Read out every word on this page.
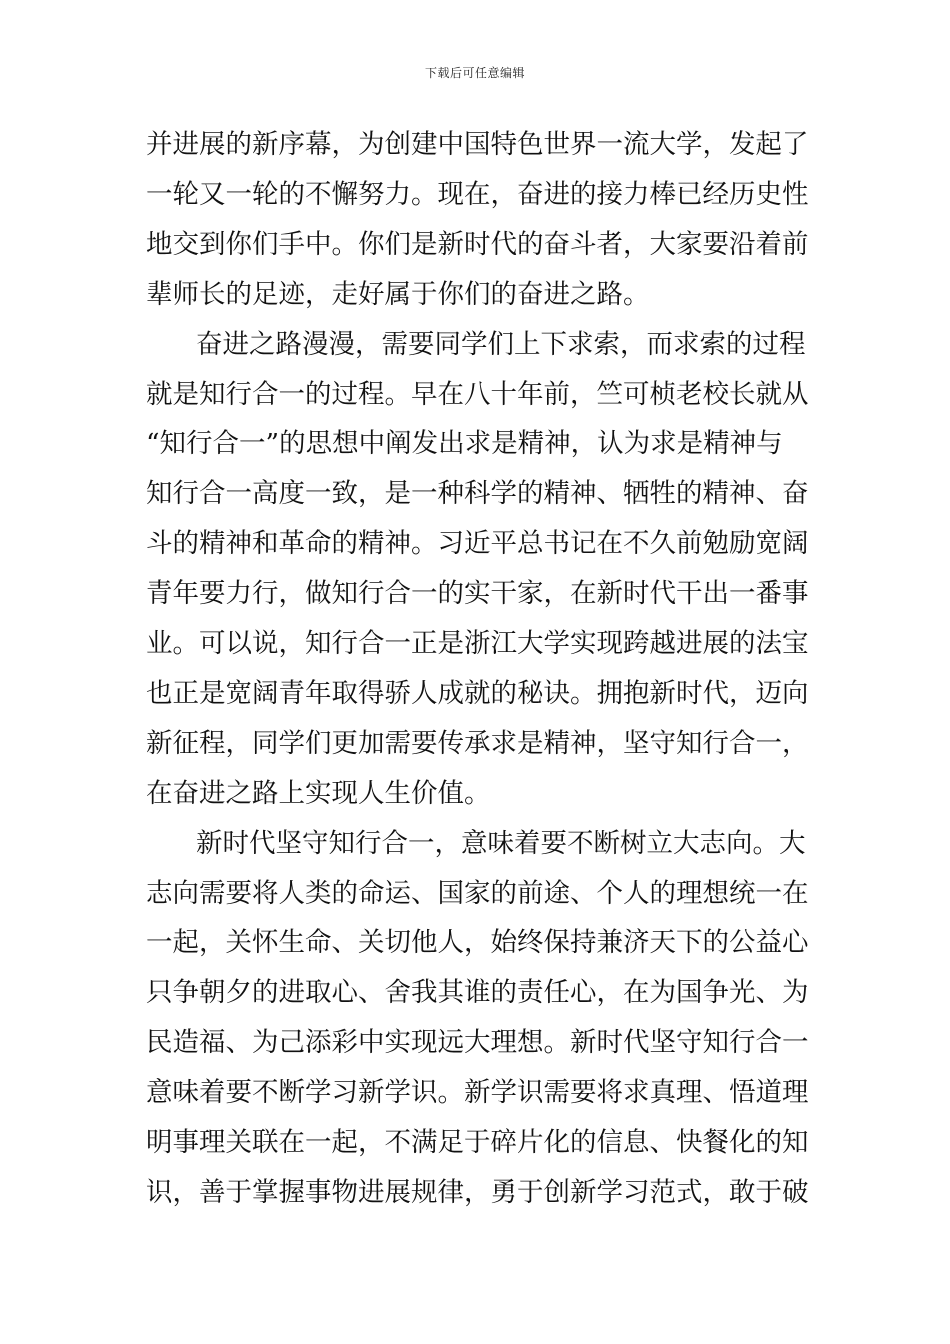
下载后可任意编辑
并进展的新序幕，为创建中国特色世界一流大学，发起了
一轮又一轮的不懈努力。现在，奋进的接力棒已经历史性
地交到你们手中。你们是新时代的奋斗者，大家要沿着前
辈师长的足迹，走好属于你们的奋进之路。
奋进之路漫漫，需要同学们上下求索，而求索的过程
就是知行合一的过程。早在八十年前，竺可桢老校长就从
“知行合一”的思想中阐发出求是精神，认为求是精神与
知行合一高度一致，是一种科学的精神、牺牲的精神、奋
斗的精神和革命的精神。习近平总书记在不久前勉励宽阔
青年要力行，做知行合一的实干家，在新时代干出一番事
业。可以说，知行合一正是浙江大学实现跨越进展的法宝
也正是宽阔青年取得骄人成就的秘诀。拥抱新时代，迈向
新征程，同学们更加需要传承求是精神，坚守知行合一，
在奋进之路上实现人生价值。
新时代坚守知行合一，意味着要不断树立大志向。大
志向需要将人类的命运、国家的前途、个人的理想统一在
一起，关怀生命、关切他人，始终保持兼济天下的公益心
只争朝夕的进取心、舍我其谁的责任心，在为国争光、为
民造福、为己添彩中实现远大理想。新时代坚守知行合一
意味着要不断学习新学识。新学识需要将求真理、悟道理
明事理关联在一起，不满足于碎片化的信息、快餐化的知
识，善于掌握事物进展规律，勇于创新学习范式，敢于破
